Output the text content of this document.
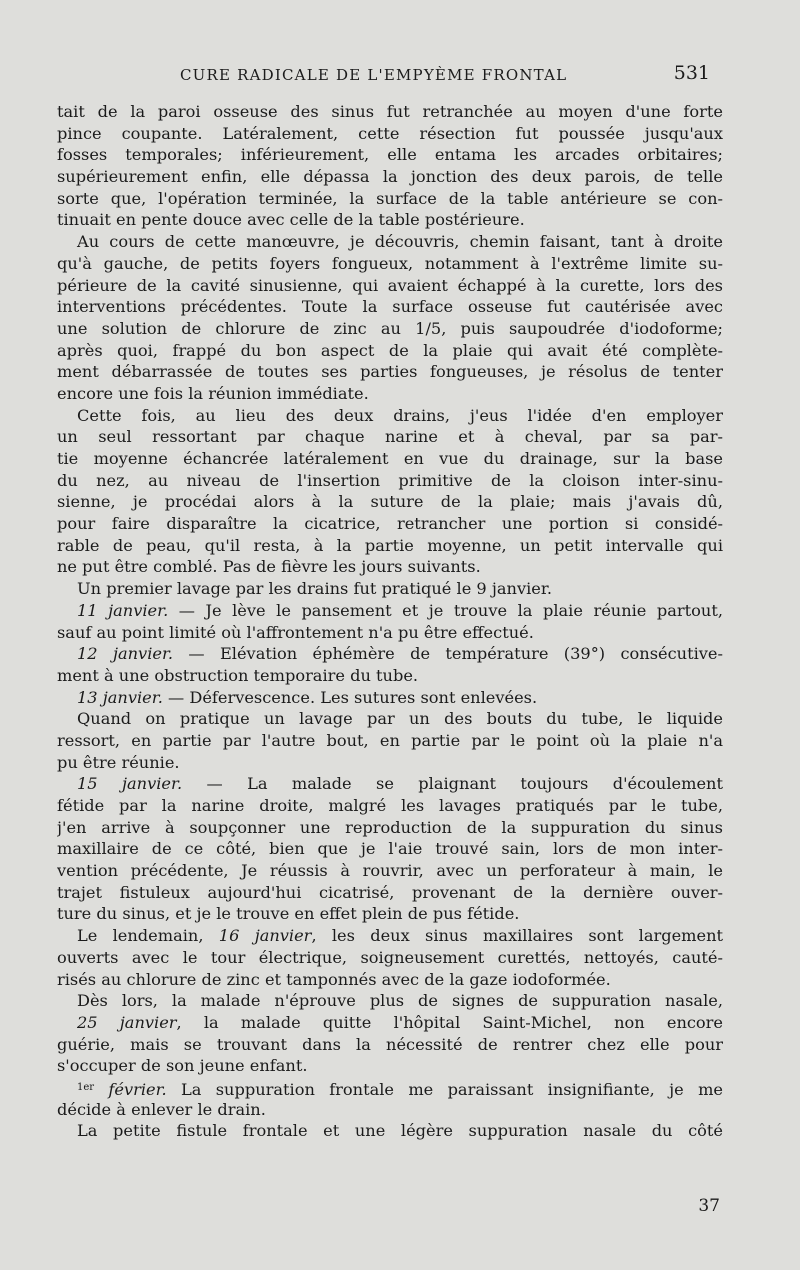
CURE RADICALE DE L'EMPYÈME FRONTAL	531
tait de la paroi osseuse des sinus fut retranchée au moyen d'une forte
pince coupante. Latéralement, cette résection fut poussée jusqu'aux
fosses temporales; inférieurement, elle entama les arcades orbitaires;
supérieurement enfin, elle dépassa la jonction des deux parois, de telle
sorte que, l'opération terminée, la surface de la table antérieure se con-
tinuait en pente douce avec celle de la table postérieure.
Au cours de cette manœuvre, je découvris, chemin faisant, tant à droite
qu'à gauche, de petits foyers fongueux, notamment à l'extrême limite su-
périeure de la cavité sinusienne, qui avaient échappé à la curette, lors des
interventions précédentes. Toute la surface osseuse fut cautérisée avec
une solution de chlorure de zinc au 1/5, puis saupoudrée d'iodoforme;
après quoi, frappé du bon aspect de la plaie qui avait été complète-
ment débarrassée de toutes ses parties fongueuses, je résolus de tenter
encore une fois la réunion immédiate.
Cette fois, au lieu des deux drains, j'eus l'idée d'en employer
un seul ressortant par chaque narine et à cheval, par sa par-
tie moyenne échancrée latéralement en vue du drainage, sur la base
du nez, au niveau de l'insertion primitive de la cloison inter-sinu-
sienne, je procédai alors à la suture de la plaie; mais j'avais dû,
pour faire disparaître la cicatrice, retrancher une portion si considé-
rable de peau, qu'il resta, à la partie moyenne, un petit intervalle qui
ne put être comblé. Pas de fièvre les jours suivants.
Un premier lavage par les drains fut pratiqué le 9 janvier.
11 janvier. — Je lève le pansement et je trouve la plaie réunie partout,
sauf au point limité où l'affrontement n'a pu être effectué.
12 janvier. — Elévation éphémère de température (39°) consécutive-
ment à une obstruction temporaire du tube.
13 janvier. — Défervescence. Les sutures sont enlevées.
Quand on pratique un lavage par un des bouts du tube, le liquide
ressort, en partie par l'autre bout, en partie par le point où la plaie n'a
pu être réunie.
15 janvier. — La malade se plaignant toujours d'écoulement
fétide par la narine droite, malgré les lavages pratiqués par le tube,
j'en arrive à soupçonner une reproduction de la suppuration du sinus
maxillaire de ce côté, bien que je l'aie trouvé sain, lors de mon inter-
vention précédente, Je réussis à rouvrir, avec un perforateur à main, le
trajet fistuleux aujourd'hui cicatrisé, provenant de la dernière ouver-
ture du sinus, et je le trouve en effet plein de pus fétide.
Le lendemain, 16 janvier, les deux sinus maxillaires sont largement
ouverts avec le tour électrique, soigneusement curettés, nettoyés, cauté-
risés au chlorure de zinc et tamponnés avec de la gaze iodoformée.
Dès lors, la malade n'éprouve plus de signes de suppuration nasale,
25 janvier, la malade quitte l'hôpital Saint-Michel, non encore
guérie, mais se trouvant dans la nécessité de rentrer chez elle pour
s'occuper de son jeune enfant.
$^{1er}$ février. La suppuration frontale me paraissant insignifiante, je me
décide à enlever le drain.
La petite fistule frontale et une légère suppuration nasale du côté
37
